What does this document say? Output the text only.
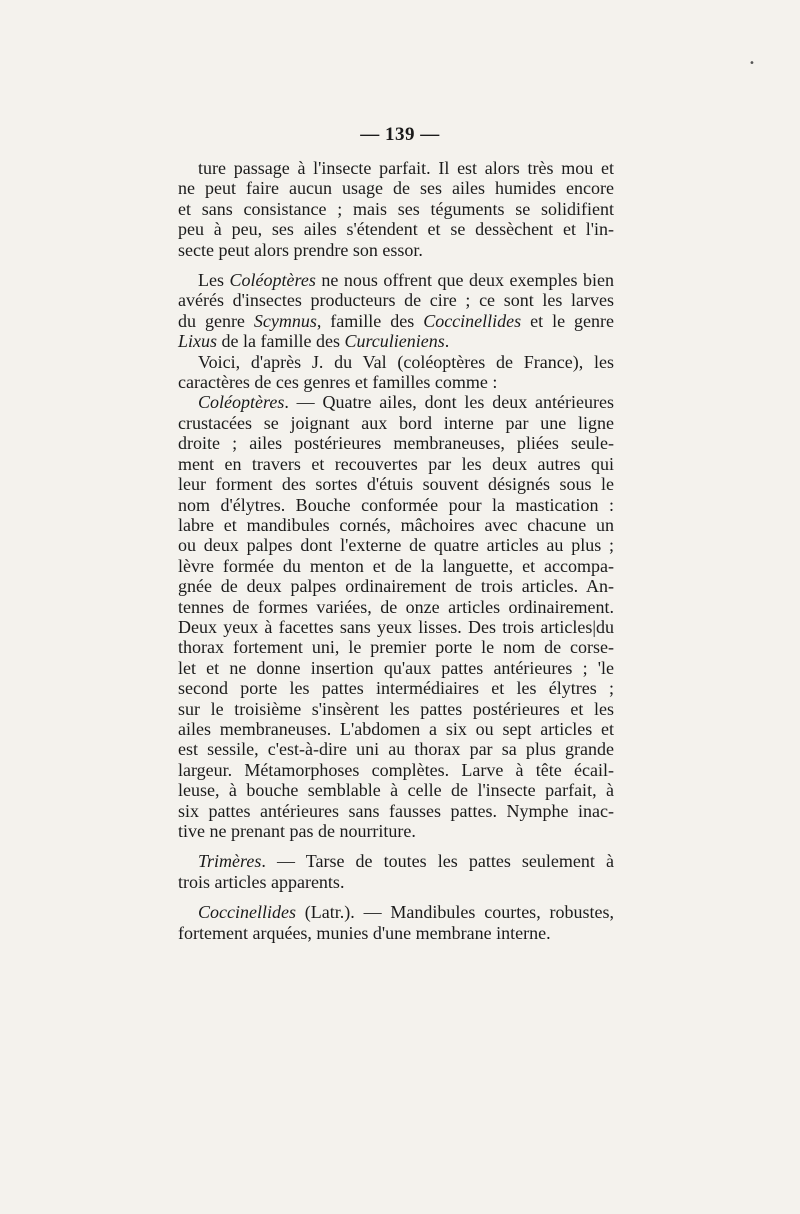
— 139 —

ture passage à l'insecte parfait. Il est alors très mou et
ne peut faire aucun usage de ses ailes humides encore
et sans consistance ; mais ses téguments se solidifient
peu à peu, ses ailes s'étendent et se dessèchent et l'in-
secte peut alors prendre son essor.

Les Coléoptères ne nous offrent que deux exemples bien
avérés d'insectes producteurs de cire ; ce sont les larves
du genre Scymnus, famille des Coccinellides et le genre
Lixus de la famille des Curculieniens.

Voici, d'après J. du Val (coléoptères de France), les
caractères de ces genres et familles comme :

Coléoptères. — Quatre ailes, dont les deux antérieures
crustacées se joignant aux bord interne par une ligne
droite ; ailes postérieures membraneuses, pliées seule-
ment en travers et recouvertes par les deux autres qui
leur forment des sortes d'étuis souvent désignés sous le
nom d'élytres. Bouche conformée pour la mastication :
labre et mandibules cornés, mâchoires avec chacune un
ou deux palpes dont l'externe de quatre articles au plus ;
lèvre formée du menton et de la languette, et accompa-
gnée de deux palpes ordinairement de trois articles. An-
tennes de formes variées, de onze articles ordinairement.
Deux yeux à facettes sans yeux lisses. Des trois articles|du
thorax fortement uni, le premier porte le nom de corse-
let et ne donne insertion qu'aux pattes antérieures ; 'le
second porte les pattes intermédiaires et les élytres ;
sur le troisième s'insèrent les pattes postérieures et les
ailes membraneuses. L'abdomen a six ou sept articles et
est sessile, c'est-à-dire uni au thorax par sa plus grande
largeur. Métamorphoses complètes. Larve à tête écail-
leuse, à bouche semblable à celle de l'insecte parfait, à
six pattes antérieures sans fausses pattes. Nymphe inac-
tive ne prenant pas de nourriture.

Trimères. — Tarse de toutes les pattes seulement à
trois articles apparents.

Coccinellides (Latr.). — Mandibules courtes, robustes,
fortement arquées, munies d'une membrane interne.

•
